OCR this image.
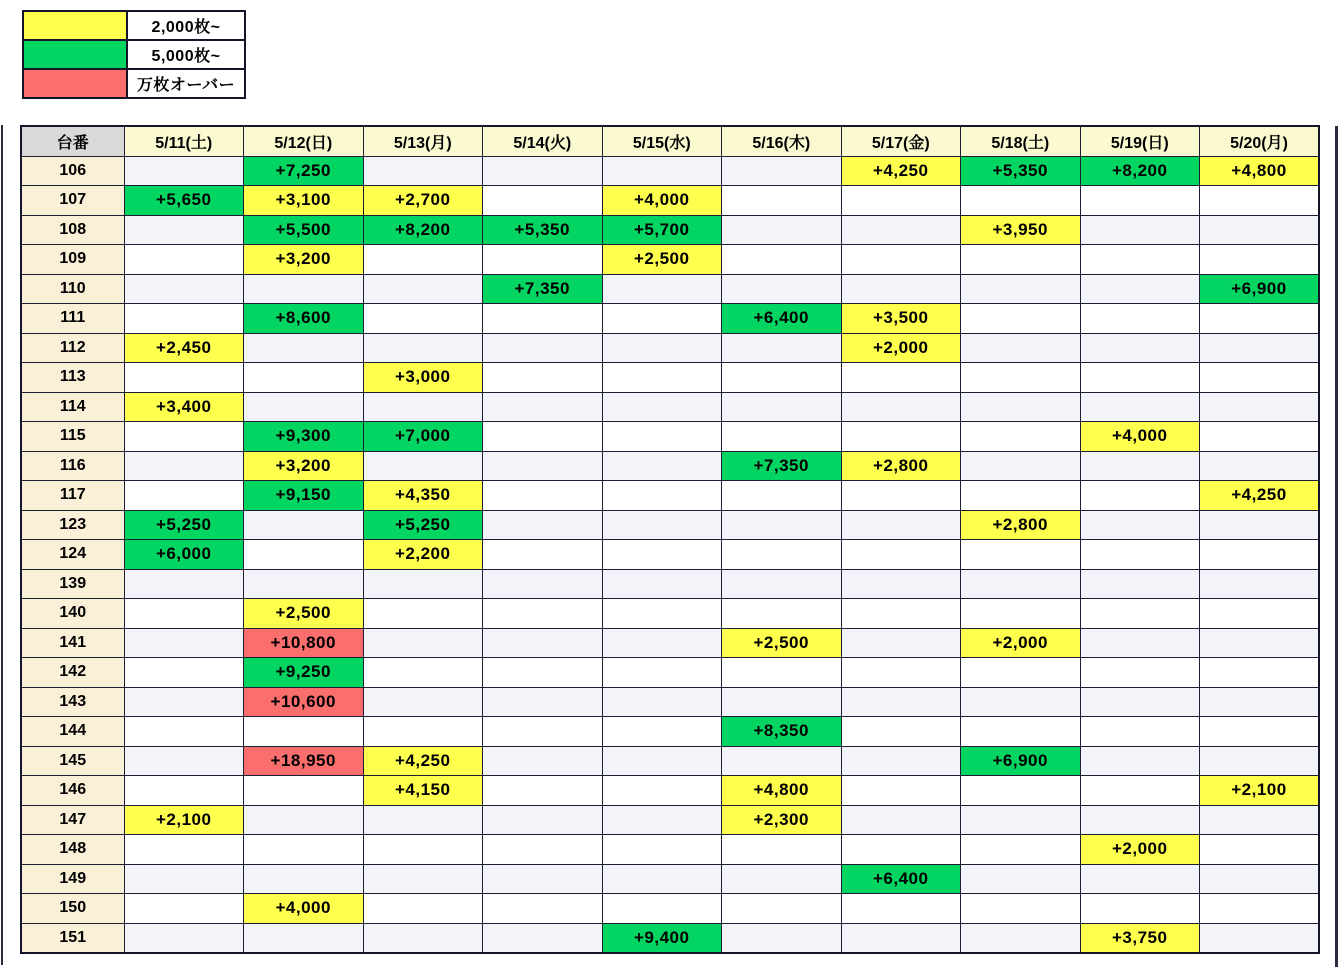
	2,000枚~
	5,000枚~
	万枚オーバー
台番	5/11(土)	5/12(日)	5/13(月)	5/14(火)	5/15(水)	5/16(木)	5/17(金)	5/18(土)	5/19(日)	5/20(月)
106		+7,250					+4,250	+5,350	+8,200	+4,800
107	+5,650	+3,100	+2,700		+4,000					
108		+5,500	+8,200	+5,350	+5,700			+3,950		
109		+3,200			+2,500					
110				+7,350						+6,900
111		+8,600				+6,400	+3,500			
112	+2,450						+2,000			
113			+3,000							
114	+3,400									
115		+9,300	+7,000						+4,000	
116		+3,200				+7,350	+2,800			
117		+9,150	+4,350							+4,250
123	+5,250		+5,250					+2,800		
124	+6,000		+2,200							
139										
140		+2,500								
141		+10,800				+2,500		+2,000		
142		+9,250								
143		+10,600								
144						+8,350				
145		+18,950	+4,250					+6,900		
146			+4,150			+4,800				+2,100
147	+2,100					+2,300				
148									+2,000	
149							+6,400			
150		+4,000								
151					+9,400				+3,750	
